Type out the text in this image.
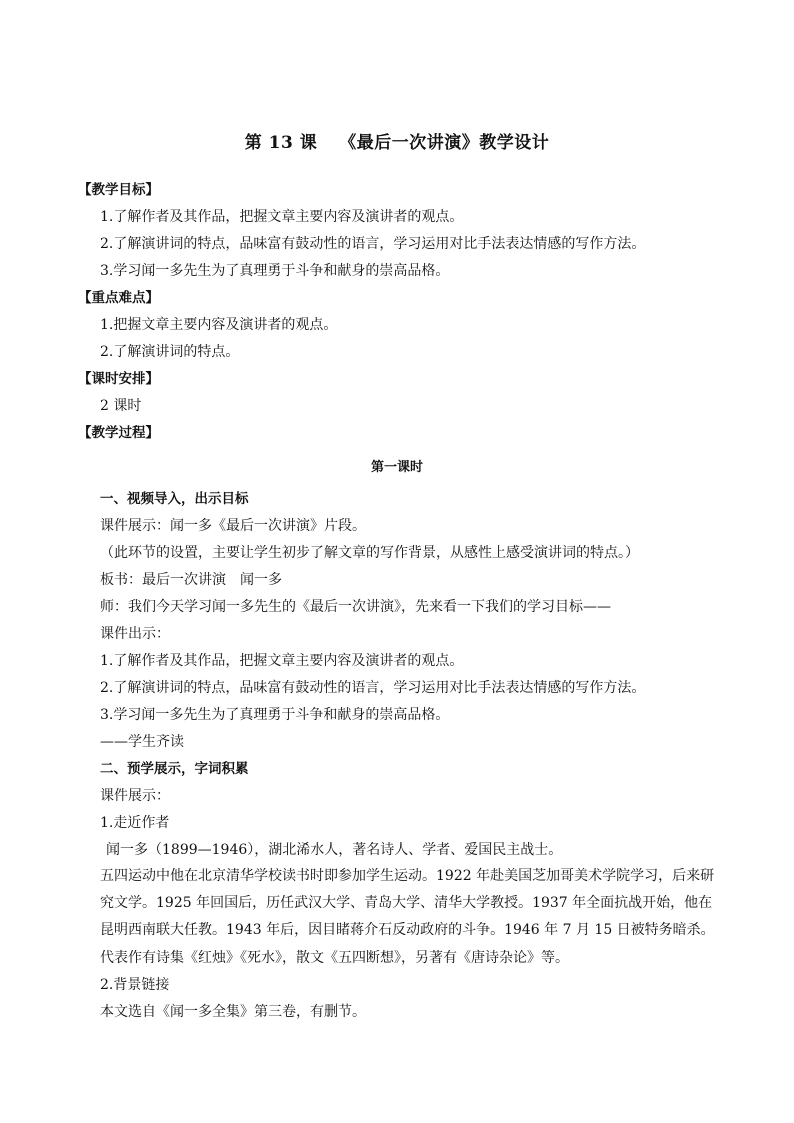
第 13 课 《最后一次讲演》教学设计
【教学目标】
1.了解作者及其作品，把握文章主要内容及演讲者的观点。
2.了解演讲词的特点，品味富有鼓动性的语言，学习运用对比手法表达情感的写作方法。
3.学习闻一多先生为了真理勇于斗争和献身的崇高品格。
【重点难点】
1.把握文章主要内容及演讲者的观点。
2.了解演讲词的特点。
【课时安排】
2 课时
【教学过程】
第一课时
一、视频导入，出示目标
课件展示：闻一多《最后一次讲演》片段。
（此环节的设置，主要让学生初步了解文章的写作背景，从感性上感受演讲词的特点。）
板书：最后一次讲演　闻一多
师：我们今天学习闻一多先生的《最后一次讲演》，先来看一下我们的学习目标——
课件出示：
1.了解作者及其作品，把握文章主要内容及演讲者的观点。
2.了解演讲词的特点，品味富有鼓动性的语言，学习运用对比手法表达情感的写作方法。
3.学习闻一多先生为了真理勇于斗争和献身的崇高品格。
——学生齐读
二、预学展示，字词积累
课件展示：
1.走近作者
闻一多（1899—1946），湖北浠水人，著名诗人、学者、爱国民主战士。
五四运动中他在北京清华学校读书时即参加学生运动。1922 年赴美国芝加哥美术学院学习，后来研究文学。1925 年回国后，历任武汉大学、青岛大学、清华大学教授。1937 年全面抗战开始，他在昆明西南联大任教。1943 年后，因目睹蒋介石反动政府的斗争。1946 年 7 月 15 日被特务暗杀。
代表作有诗集《红烛》《死水》，散文《五四断想》，另著有《唐诗杂论》等。
2.背景链接
本文选自《闻一多全集》第三卷，有删节。
